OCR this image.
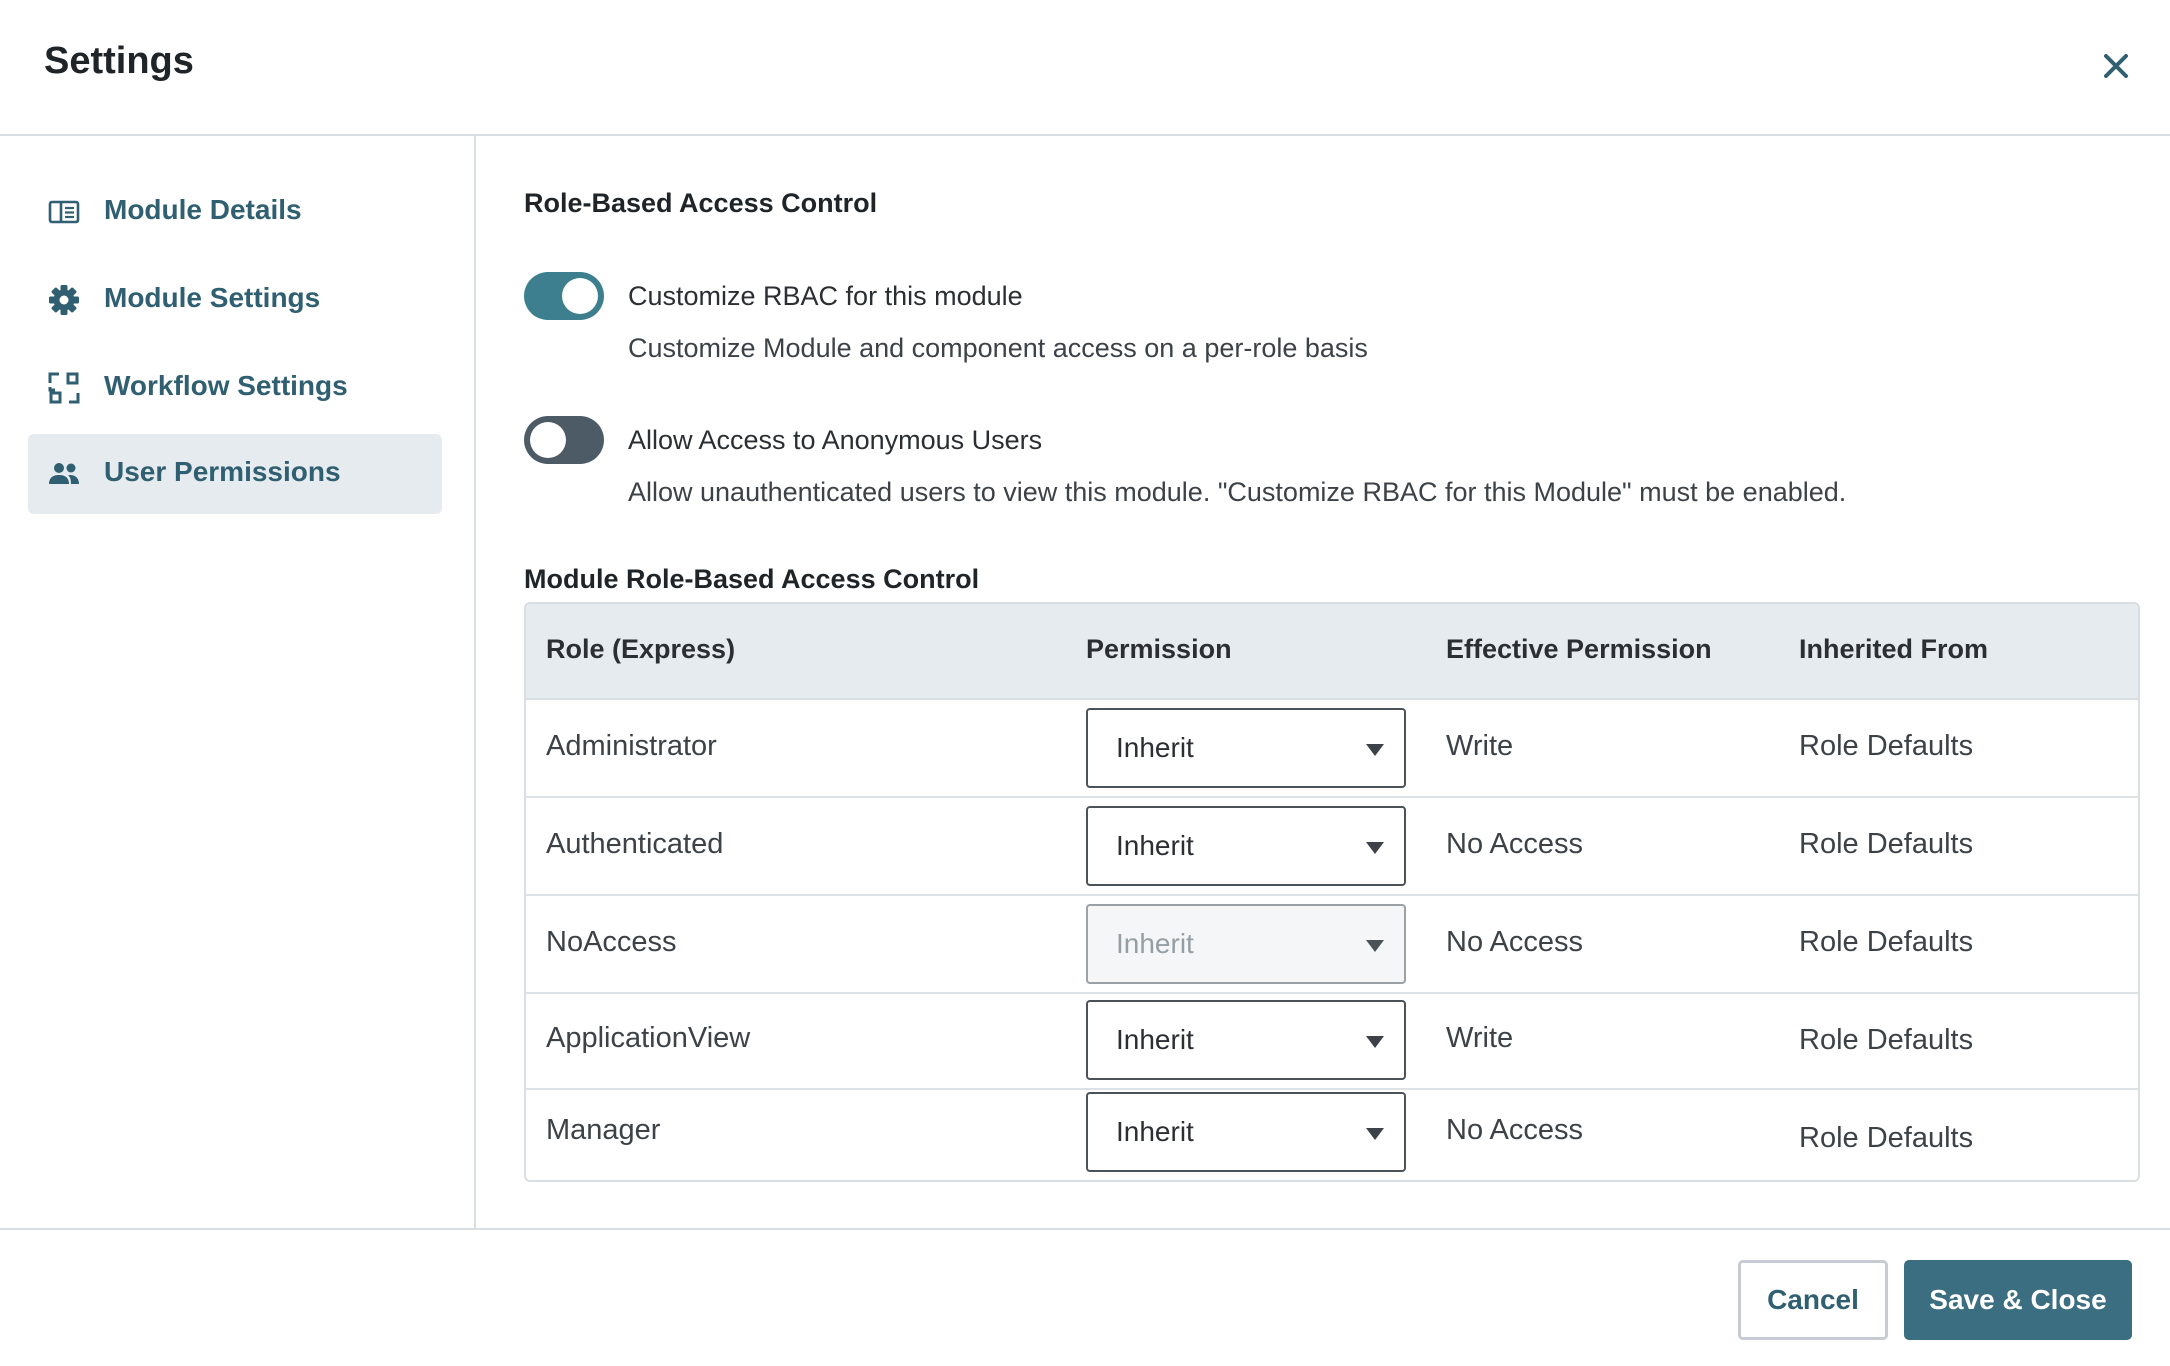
Settings
Module Details
Module Settings
Workflow Settings
User Permissions
Role-Based Access Control
Customize RBAC for this module
Customize Module and component access on a per-role basis
Allow Access to Anonymous Users
Allow unauthenticated users to view this module. "Customize RBAC for this Module" must be enabled.
Module Role-Based Access Control
Role (Express)	Permission	Effective Permission	Inherited From
Administrator	Inherit	Write	Role Defaults
Authenticated	Inherit	No Access	Role Defaults
NoAccess	Inherit	No Access	Role Defaults
ApplicationView	Inherit	Write	Role Defaults
Manager	Inherit	No Access	Role Defaults
Cancel	Save & Close
